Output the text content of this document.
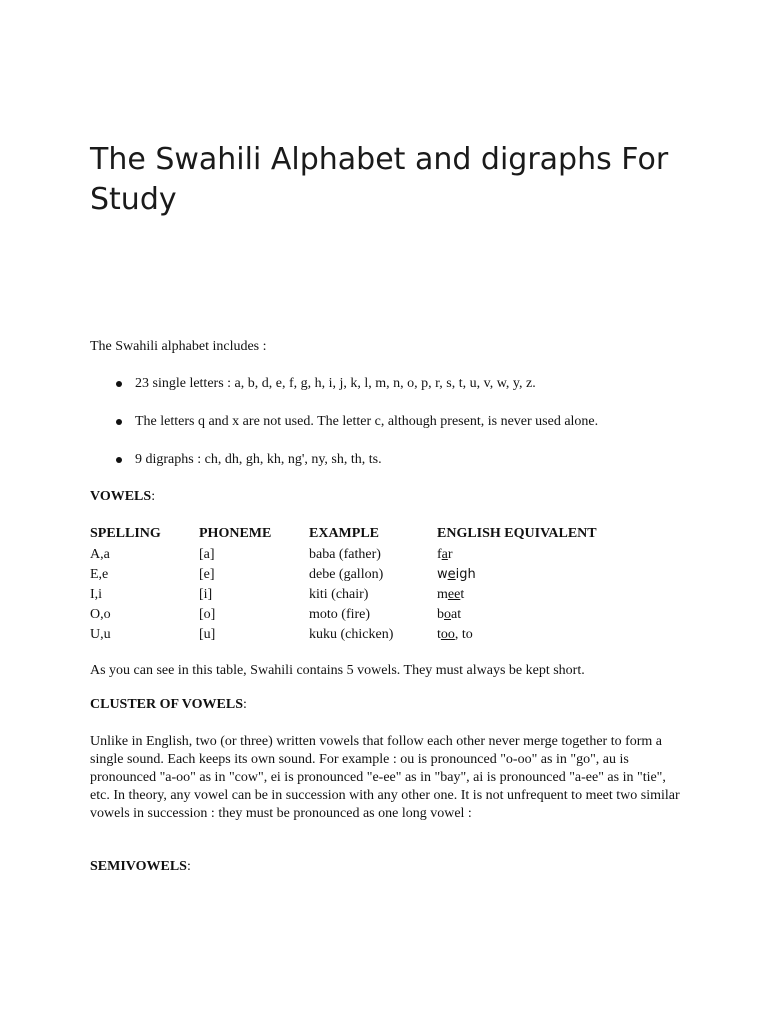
The Swahili Alphabet and digraphs For Study

The Swahili alphabet includes :

23 single letters : a, b, d, e, f, g, h, i, j, k, l, m, n, o, p, r, s, t, u, v, w, y, z.
The letters q and x are not used. The letter c, although present, is never used alone.
9 digraphs : ch, dh, gh, kh, ng', ny, sh, th, ts.

VOWELS:

SPELLING	PHONEME	EXAMPLE	ENGLISH EQUIVALENT
A,a	[a]	baba (father)	far
E,e	[e]	debe (gallon)	weigh
I,i	[i]	kiti (chair)	meet
O,o	[o]	moto (fire)	boat
U,u	[u]	kuku (chicken)	too, to

As you can see in this table, Swahili contains 5 vowels. They must always be kept short.

CLUSTER OF VOWELS:

Unlike in English, two (or three) written vowels that follow each other never merge together to form a single sound. Each keeps its own sound. For example : ou is pronounced "o-oo" as in "go", au is pronounced "a-oo" as in "cow", ei is pronounced "e-ee" as in "bay", ai is pronounced "a-ee" as in "tie", etc. In theory, any vowel can be in succession with any other one. It is not unfrequent to meet two similar vowels in succession : they must be pronounced as one long vowel :

SEMIVOWELS:
